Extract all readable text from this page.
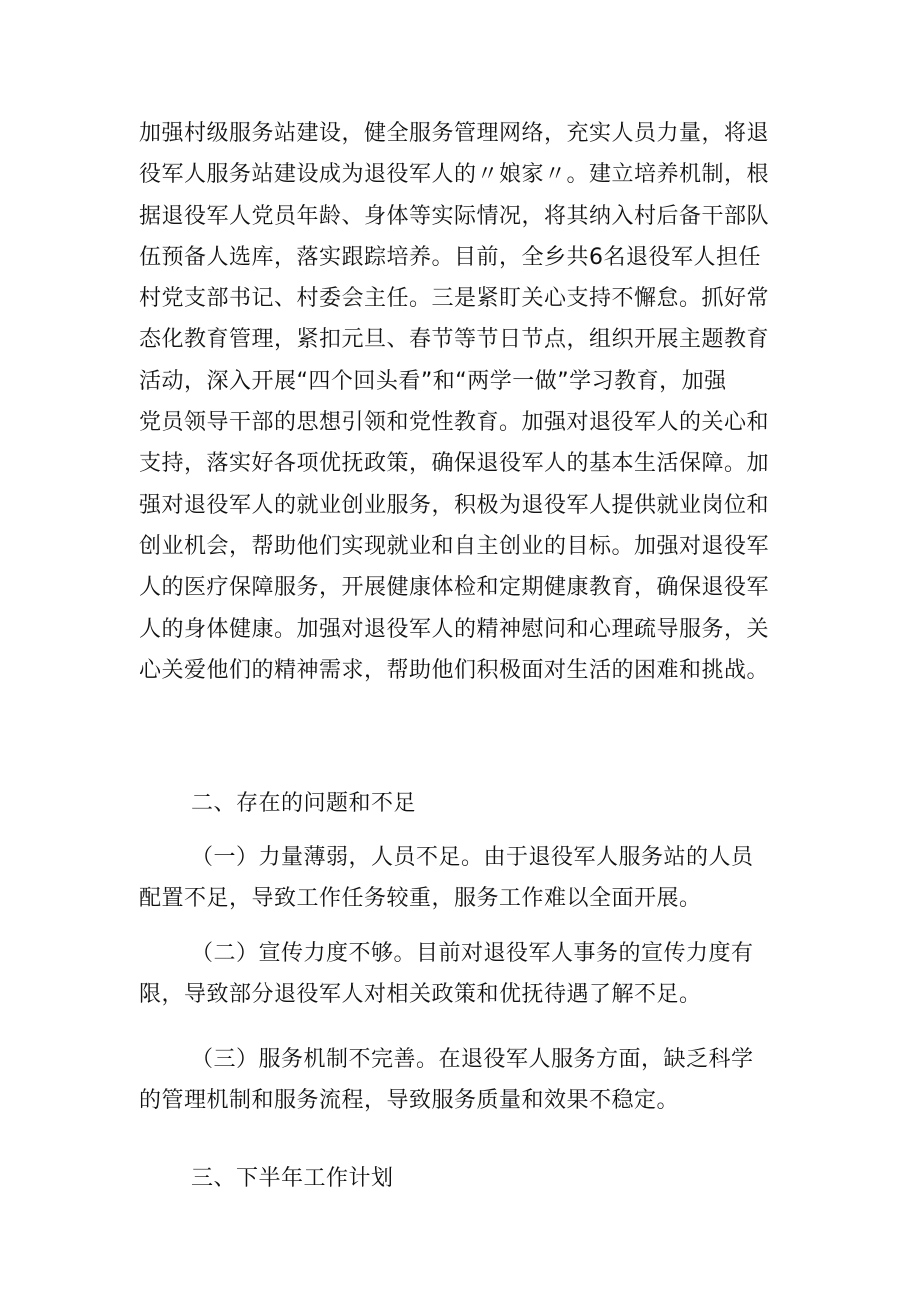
加强村级服务站建设，健全服务管理网络，充实人员力量，将退
役军人服务站建设成为退役军人的〃娘家〃。建立培养机制，根
据退役军人党员年龄、身体等实际情况，将其纳入村后备干部队
伍预备人选库，落实跟踪培养。目前，全乡共6名退役军人担任
村党支部书记、村委会主任。三是紧盯关心支持不懈怠。抓好常
态化教育管理，紧扣元旦、春节等节日节点，组织开展主题教育
活动，深入开展“四个回头看”和“两学一做”学习教育，加强
党员领导干部的思想引领和党性教育。加强对退役军人的关心和
支持，落实好各项优抚政策，确保退役军人的基本生活保障。加
强对退役军人的就业创业服务，积极为退役军人提供就业岗位和
创业机会，帮助他们实现就业和自主创业的目标。加强对退役军
人的医疗保障服务，开展健康体检和定期健康教育，确保退役军
人的身体健康。加强对退役军人的精神慰问和心理疏导服务，关
心关爱他们的精神需求，帮助他们积极面对生活的困难和挑战。
二、存在的问题和不足
（一）力量薄弱，人员不足。由于退役军人服务站的人员
配置不足，导致工作任务较重，服务工作难以全面开展。
（二）宣传力度不够。目前对退役军人事务的宣传力度有
限，导致部分退役军人对相关政策和优抚待遇了解不足。
（三）服务机制不完善。在退役军人服务方面，缺乏科学
的管理机制和服务流程，导致服务质量和效果不稳定。
三、下半年工作计划
